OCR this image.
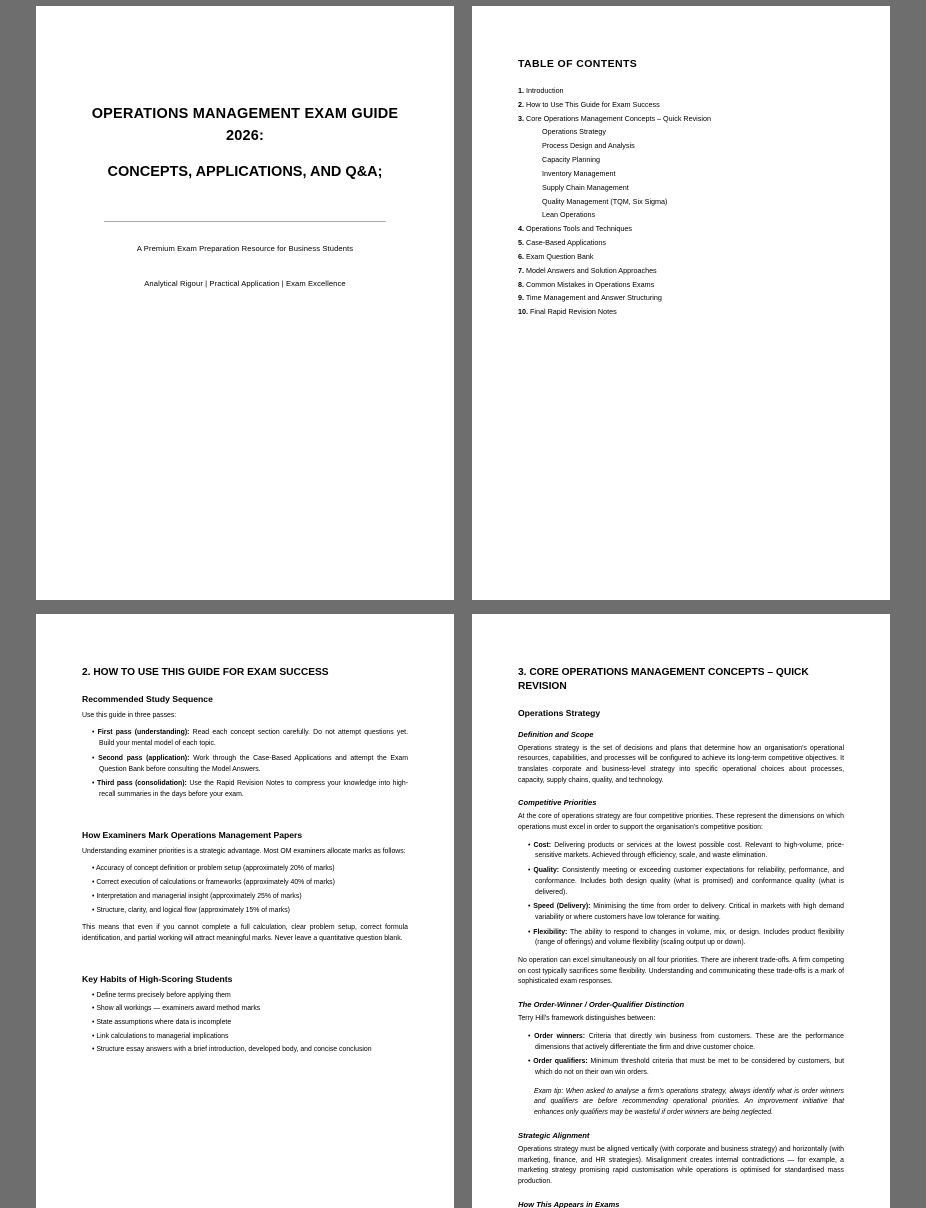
OPERATIONS MANAGEMENT EXAM GUIDE
2026:
CONCEPTS, APPLICATIONS, AND Q&A;
A Premium Exam Preparation Resource for Business Students
Analytical Rigour | Practical Application | Exam Excellence
TABLE OF CONTENTS
1. Introduction
2. How to Use This Guide for Exam Success
3. Core Operations Management Concepts – Quick Revision
Operations Strategy
Process Design and Analysis
Capacity Planning
Inventory Management
Supply Chain Management
Quality Management (TQM, Six Sigma)
Lean Operations
4. Operations Tools and Techniques
5. Case-Based Applications
6. Exam Question Bank
7. Model Answers and Solution Approaches
8. Common Mistakes in Operations Exams
9. Time Management and Answer Structuring
10. Final Rapid Revision Notes
2. HOW TO USE THIS GUIDE FOR EXAM SUCCESS
Recommended Study Sequence

Use this guide in three passes:

• First pass (understanding): Read each concept section carefully. Do not attempt questions yet. Build your mental model of each topic.
• Second pass (application): Work through the Case-Based Applications and attempt the Exam Question Bank before consulting the Model Answers.
• Third pass (consolidation): Use the Rapid Revision Notes to compress your knowledge into high-recall summaries in the days before your exam.
How Examiners Mark Operations Management Papers

Understanding examiner priorities is a strategic advantage. Most OM examiners allocate marks as follows:

• Accuracy of concept definition or problem setup (approximately 20% of marks)
• Correct execution of calculations or frameworks (approximately 40% of marks)
• Interpretation and managerial insight (approximately 25% of marks)
• Structure, clarity, and logical flow (approximately 15% of marks)

This means that even if you cannot complete a full calculation, clear problem setup, correct formula identification, and partial working will attract meaningful marks. Never leave a quantitative question blank.

Key Habits of High-Scoring Students
• Define terms precisely before applying them
• Show all workings — examiners award method marks
• State assumptions where data is incomplete
• Link calculations to managerial implications
• Structure essay answers with a brief introduction, developed body, and concise conclusion
3. CORE OPERATIONS MANAGEMENT CONCEPTS – QUICK REVISION
Operations Strategy
Definition and Scope

Operations strategy is the set of decisions and plans that determine how an organisation's operational resources, capabilities, and processes will be configured to achieve its long-term competitive objectives. It translates corporate and business-level strategy into specific operational choices about processes, capacity, supply chains, quality, and technology.

Competitive Priorities

At the core of operations strategy are four competitive priorities. These represent the dimensions on which operations must excel in order to support the organisation's competitive position:

• Cost: Delivering products or services at the lowest possible cost. Relevant to high-volume, price-sensitive markets. Achieved through efficiency, scale, and waste elimination.
• Quality: Consistently meeting or exceeding customer expectations for reliability, performance, and conformance. Includes both design quality (what is promised) and conformance quality (what is delivered).
• Speed (Delivery): Minimising the time from order to delivery. Critical in markets with high demand variability or where customers have low tolerance for waiting.
• Flexibility: The ability to respond to changes in volume, mix, or design. Includes product flexibility (range of offerings) and volume flexibility (scaling output up or down).

No operation can excel simultaneously on all four priorities. There are inherent trade-offs. A firm competing on cost typically sacrifices some flexibility. Understanding and communicating these trade-offs is a mark of sophisticated exam responses.

The Order-Winner / Order-Qualifier Distinction

Terry Hill's framework distinguishes between:

• Order winners: Criteria that directly win business from customers. These are the performance dimensions that actively differentiate the firm and drive customer choice.
• Order qualifiers: Minimum threshold criteria that must be met to be considered by customers, but which do not on their own win orders.
Exam tip: When asked to analyse a firm's operations strategy, always identify what is order winners and qualifiers are before recommending operational priorities. An improvement initiative that enhances only qualifiers may be wasteful if order winners are being neglected.
Strategic Alignment

Operations strategy must be aligned vertically (with corporate and business strategy) and horizontally (with marketing, finance, and HR strategies). Misalignment creates internal contradictions — for example, a marketing strategy promising rapid customisation while operations is optimised for standardised mass production.

How This Appears in Exams
